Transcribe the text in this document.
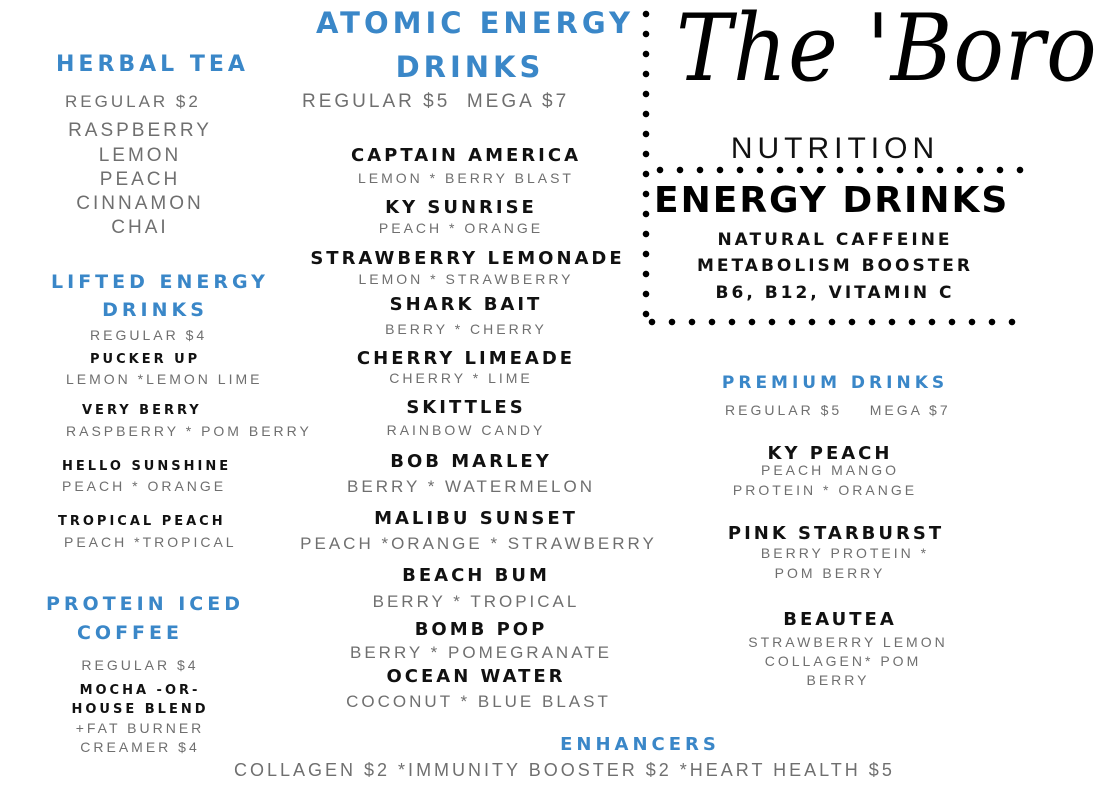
The 'Boro
NUTRITION
ENERGY DRINKS
NATURAL CAFFEINE
METABOLISM BOOSTER
B6, B12, VITAMIN C
HERBAL TEA
REGULAR $2
RASPBERRY
LEMON
PEACH
CINNAMON
CHAI
LIFTED ENERGY
DRINKS
REGULAR $4
PUCKER UP
LEMON *LEMON LIME
VERY BERRY
RASPBERRY * POM BERRY
HELLO SUNSHINE
PEACH * ORANGE
TROPICAL PEACH
PEACH *TROPICAL
PROTEIN ICED
COFFEE
REGULAR $4
MOCHA -OR-
HOUSE BLEND
+FAT BURNER
CREAMER $4
ATOMIC ENERGY
DRINKS
REGULAR $5  MEGA $7
CAPTAIN AMERICA
LEMON * BERRY BLAST
KY SUNRISE
PEACH * ORANGE
STRAWBERRY LEMONADE
LEMON * STRAWBERRY
SHARK BAIT
BERRY * CHERRY
CHERRY LIMEADE
CHERRY * LIME
SKITTLES
RAINBOW CANDY
BOB MARLEY
BERRY * WATERMELON
MALIBU SUNSET
PEACH *ORANGE * STRAWBERRY
BEACH BUM
BERRY * TROPICAL
BOMB POP
BERRY * POMEGRANATE
OCEAN WATER
COCONUT * BLUE BLAST
PREMIUM DRINKS
REGULAR $5    MEGA $7
KY PEACH
PEACH MANGO
PROTEIN * ORANGE
PINK STARBURST
BERRY PROTEIN *
POM BERRY
BEAUTEA
STRAWBERRY LEMON
COLLAGEN* POM
BERRY
ENHANCERS
COLLAGEN $2 *IMMUNITY BOOSTER $2 *HEART HEALTH $5
